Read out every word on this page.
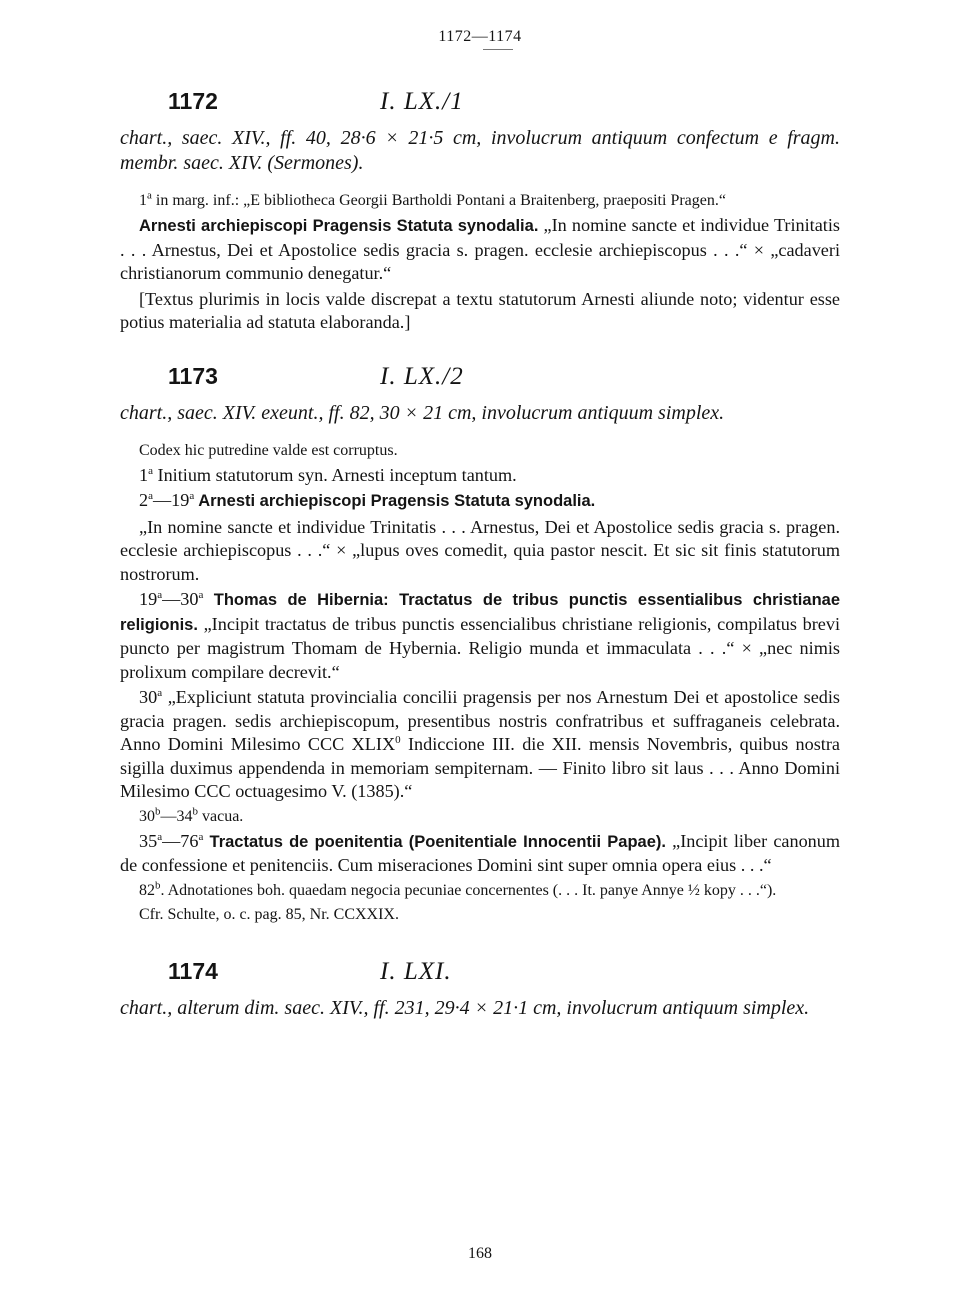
1172—1174
1172	I. LX./1

chart., saec. XIV., ff. 40, 28·6 × 21·5 cm, involucrum antiquum confectum e fragm. membr. saec. XIV. (Sermones).

1$^a$ in marg. inf.: „E bibliotheca Georgii Bartholdi Pontani a Braitenberg, praepositi Pragen.“

Arnesti archiepiscopi Pragensis Statuta synodalia. „In nomine sancte et individue Trinitatis . . . Arnestus, Dei et Apostolice sedis gracia s. pragen. ecclesie archiepiscopus . . .“ × „cadaveri christianorum communio denegatur.“

[Textus plurimis in locis valde discrepat a textu statutorum Arnesti aliunde noto; videntur esse potius materialia ad statuta elaboranda.]

1173	I. LX./2

chart., saec. XIV. exeunt., ff. 82, 30 × 21 cm, involucrum antiquum simplex.

Codex hic putredine valde est corruptus.

1$^a$ Initium statutorum syn. Arnesti inceptum tantum.

2$^a$—19$^a$ Arnesti archiepiscopi Pragensis Statuta synodalia.

„In nomine sancte et individue Trinitatis . . . Arnestus, Dei et Apostolice sedis gracia s. pragen. ecclesie archiepiscopus . . .“ × „lupus oves comedit, quia pastor nescit. Et sic sit finis statutorum nostrorum.

19$^a$—30$^a$ Thomas de Hibernia: Tractatus de tribus punctis essentialibus christianae religionis. „Incipit tractatus de tribus punctis essencialibus christiane religionis, compilatus brevi puncto per magistrum Thomam de Hybernia. Religio munda et immaculata . . .“ × „nec nimis prolixum compilare decrevit.“

30$^a$ „Expliciunt statuta provincialia concilii pragensis per nos Arnestum Dei et apostolice sedis gracia pragen. sedis archiepiscopum, presentibus nostris confratribus et suffraganeis celebrata. Anno Domini Milesimo CCC XLIX$^0$ Indiccione III. die XII. mensis Novembris, quibus nostra sigilla duximus appendenda in memoriam sempiternam. — Finito libro sit laus . . . Anno Domini Milesimo CCC octuagesimo V. (1385).“

30$^b$—34$^b$ vacua.

35$^a$—76$^a$ Tractatus de poenitentia (Poenitentiale Innocentii Papae). „Incipit liber canonum de confessione et penitenciis. Cum miseraciones Domini sint super omnia opera eius . . .“

82$^b$. Adnotationes boh. quaedam negocia pecuniae concernentes (. . . It. panye Annye ½ kopy . . .“).

Cfr. Schulte, o. c. pag. 85, Nr. CCXXIX.

1174	I. LXI.

chart., alterum dim. saec. XIV., ff. 231, 29·4 × 21·1 cm, involucrum antiquum simplex.

168
